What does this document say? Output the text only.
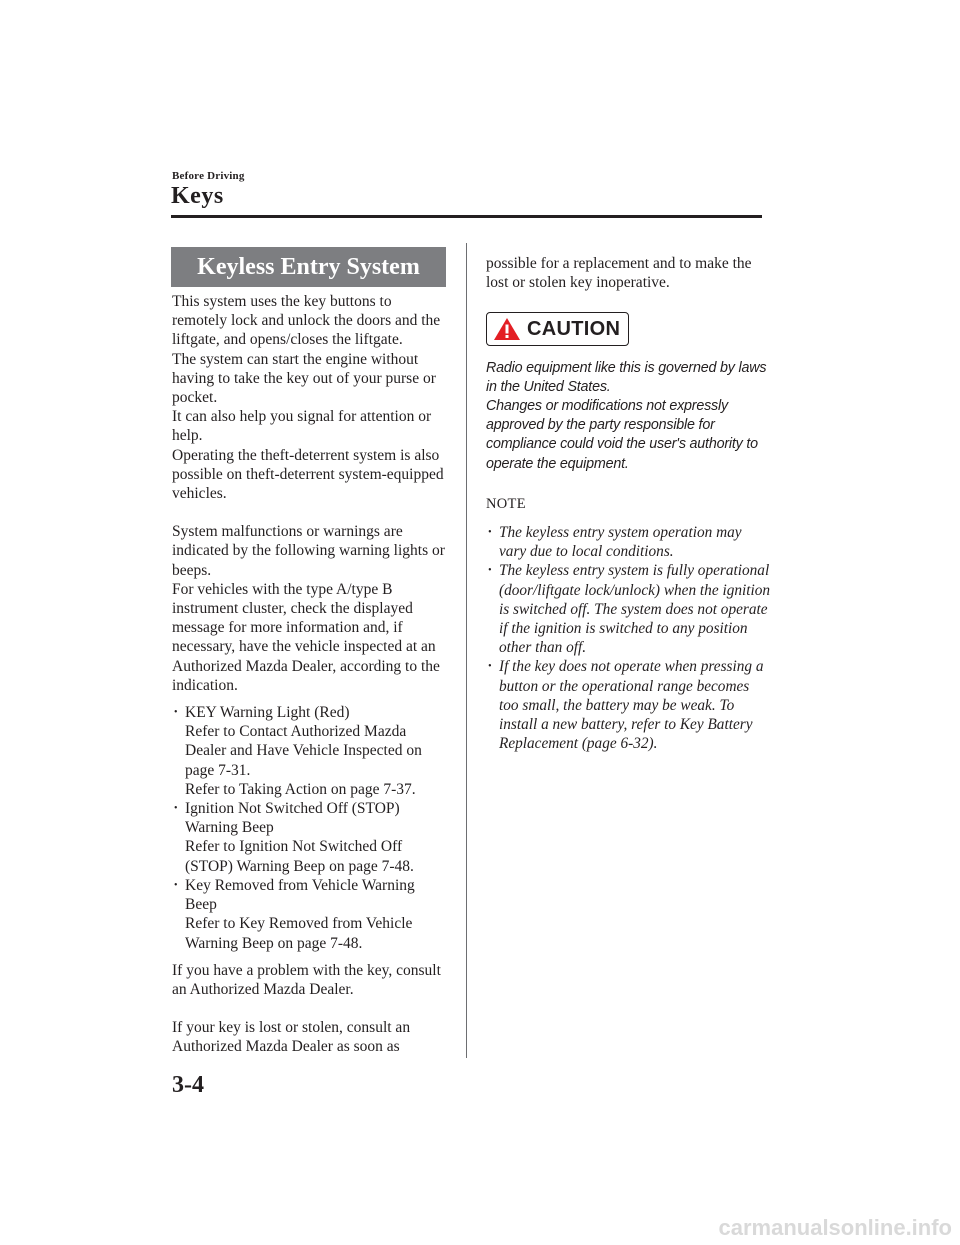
Before Driving
Keys
Keyless Entry System

This system uses the key buttons to remotely lock and unlock the doors and the liftgate, and opens/closes the liftgate.

The system can start the engine without having to take the key out of your purse or pocket.

It can also help you signal for attention or help.

Operating the theft-deterrent system is also possible on theft-deterrent system-equipped vehicles.

System malfunctions or warnings are indicated by the following warning lights or beeps.

For vehicles with the type A/type B instrument cluster, check the displayed message for more information and, if necessary, have the vehicle inspected at an Authorized Mazda Dealer, according to the indication.

• KEY Warning Light (Red)
Refer to Contact Authorized Mazda Dealer and Have Vehicle Inspected on page 7-31.
Refer to Taking Action on page 7-37.
• Ignition Not Switched Off (STOP) Warning Beep
Refer to Ignition Not Switched Off (STOP) Warning Beep on page 7-48.
• Key Removed from Vehicle Warning Beep
Refer to Key Removed from Vehicle Warning Beep on page 7-48.

If you have a problem with the key, consult an Authorized Mazda Dealer.

If your key is lost or stolen, consult an Authorized Mazda Dealer as soon as

possible for a replacement and to make the lost or stolen key inoperative.

CAUTION

Radio equipment like this is governed by laws in the United States.

Changes or modifications not expressly approved by the party responsible for compliance could void the user's authority to operate the equipment.

NOTE

• The keyless entry system operation may vary due to local conditions.
• The keyless entry system is fully operational (door/liftgate lock/unlock) when the ignition is switched off. The system does not operate if the ignition is switched to any position other than off.
• If the key does not operate when pressing a button or the operational range becomes too small, the battery may be weak. To install a new battery, refer to Key Battery Replacement (page 6-32).
3-4
carmanualsonline.info
